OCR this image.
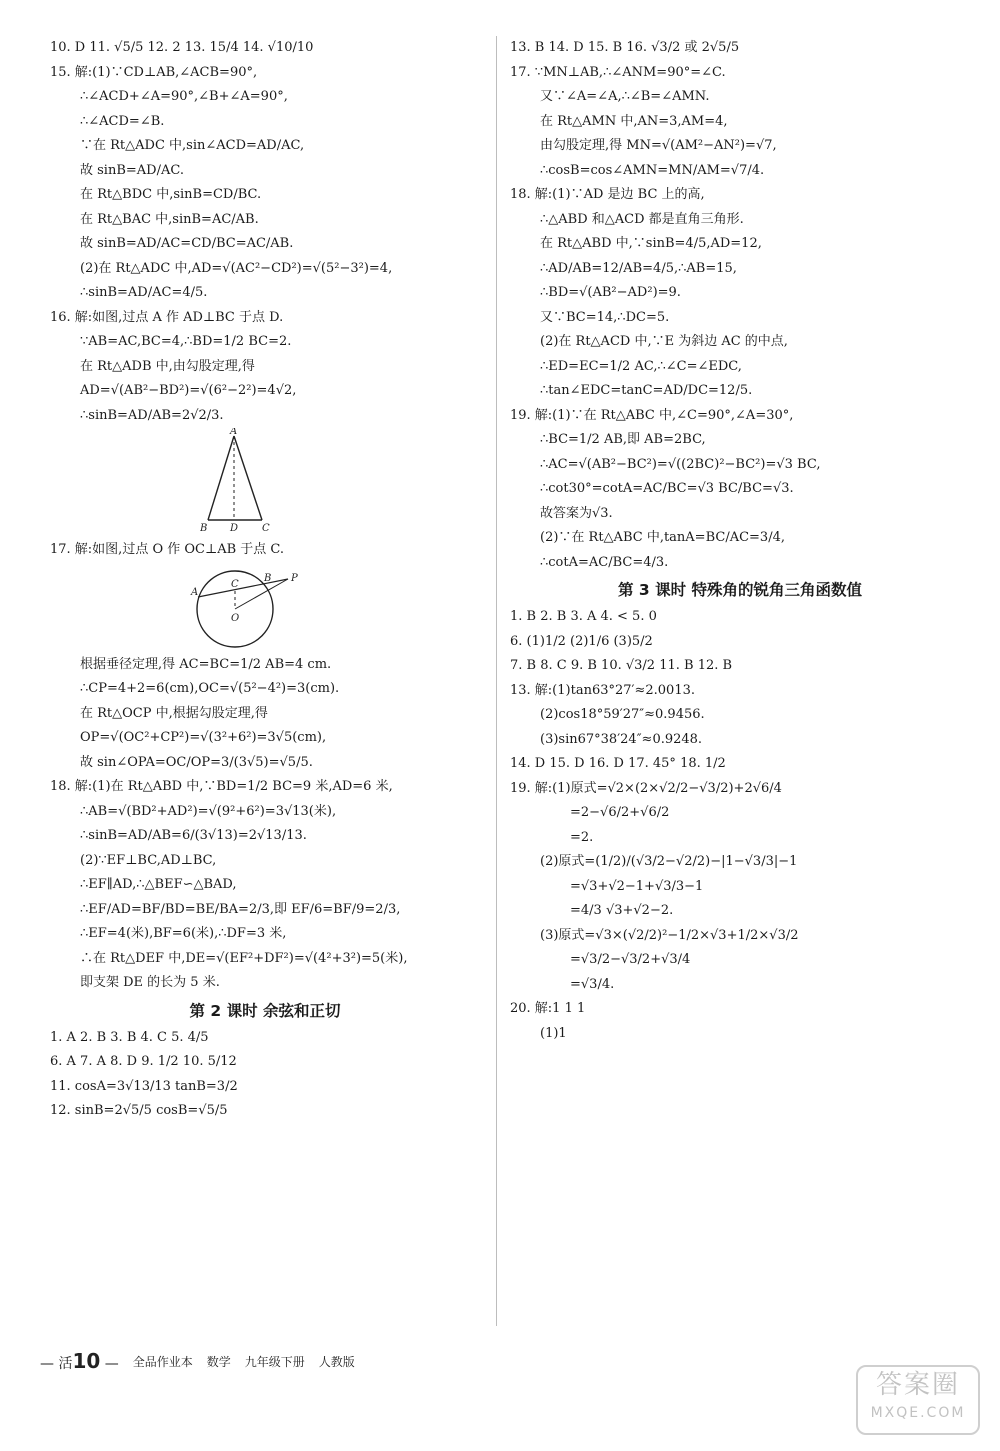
10. D 11. √5/5 12. 2 13. 15/4 14. √10/10
15. 解:(1)∵CD⊥AB,∠ACB=90°,
∴∠ACD+∠A=90°,∠B+∠A=90°,
∴∠ACD=∠B.
∵在 Rt△ADC 中,sin∠ACD=AD/AC,
故 sinB=AD/AC.
在 Rt△BDC 中,sinB=CD/BC.
在 Rt△BAC 中,sinB=AC/AB.
故 sinB=AD/AC=CD/BC=AC/AB.
(2)在 Rt△ADC 中,AD=√(AC²−CD²)=√(5²−3²)=4,
∴sinB=AD/AC=4/5.
16. 解:如图,过点 A 作 AD⊥BC 于点 D.
∵AB=AC,BC=4,∴BD=1/2 BC=2.
在 Rt△ADB 中,由勾股定理,得
AD=√(AB²−BD²)=√(6²−2²)=4√2,
∴sinB=AD/AB=2√2/3.
A
B D C
17. 解:如图,过点 O 作 OC⊥AB 于点 C.
A
C
B P
O
根据垂径定理,得 AC=BC=1/2 AB=4 cm.
∴CP=4+2=6(cm),OC=√(5²−4²)=3(cm).
在 Rt△OCP 中,根据勾股定理,得
OP=√(OC²+CP²)=√(3²+6²)=3√5(cm),
故 sin∠OPA=OC/OP=3/(3√5)=√5/5.
18. 解:(1)在 Rt△ABD 中,∵BD=1/2 BC=9 米,AD=6 米,
∴AB=√(BD²+AD²)=√(9²+6²)=3√13(米),
∴sinB=AD/AB=6/(3√13)=2√13/13.
(2)∵EF⊥BC,AD⊥BC,
∴EF∥AD,∴△BEF∽△BAD,
∴EF/AD=BF/BD=BE/BA=2/3,即 EF/6=BF/9=2/3,
∴EF=4(米),BF=6(米),∴DF=3 米,
∴在 Rt△DEF 中,DE=√(EF²+DF²)=√(4²+3²)=5(米),
即支架 DE 的长为 5 米.
第 2 课时 余弦和正切
1. A 2. B 3. B 4. C 5. 4/5
6. A 7. A 8. D 9. 1/2 10. 5/12
11. cosA=3√13/13 tanB=3/2
12. sinB=2√5/5 cosB=√5/5
13. B 14. D 15. B 16. √3/2 或 2√5/5
17. ∵MN⊥AB,∴∠ANM=90°=∠C.
又∵∠A=∠A,∴∠B=∠AMN.
在 Rt△AMN 中,AN=3,AM=4,
由勾股定理,得 MN=√(AM²−AN²)=√7,
∴cosB=cos∠AMN=MN/AM=√7/4.
18. 解:(1)∵AD 是边 BC 上的高,
∴△ABD 和△ACD 都是直角三角形.
在 Rt△ABD 中,∵sinB=4/5,AD=12,
∴AD/AB=12/AB=4/5,∴AB=15,
∴BD=√(AB²−AD²)=9.
又∵BC=14,∴DC=5.
(2)在 Rt△ACD 中,∵E 为斜边 AC 的中点,
∴ED=EC=1/2 AC,∴∠C=∠EDC,
∴tan∠EDC=tanC=AD/DC=12/5.
19. 解:(1)∵在 Rt△ABC 中,∠C=90°,∠A=30°,
∴BC=1/2 AB,即 AB=2BC,
∴AC=√(AB²−BC²)=√((2BC)²−BC²)=√3 BC,
∴cot30°=cotA=AC/BC=√3 BC/BC=√3.
故答案为√3.
(2)∵在 Rt△ABC 中,tanA=BC/AC=3/4,
∴cotA=AC/BC=4/3.
第 3 课时 特殊角的锐角三角函数值
1. B 2. B 3. A 4. < 5. 0
6. (1)1/2 (2)1/6 (3)5/2
7. B 8. C 9. B 10. √3/2 11. B 12. B
13. 解:(1)tan63°27′≈2.0013.
(2)cos18°59′27″≈0.9456.
(3)sin67°38′24″≈0.9248.
14. D 15. D 16. D 17. 45° 18. 1/2
19. 解:(1)原式=√2×(2×√2/2−√3/2)+2√6/4
=2−√6/2+√6/2
=2.
(2)原式=(1/2)/(√3/2−√2/2)−|1−√3/3|−1
=√3+√2−1+√3/3−1
=4/3 √3+√2−2.
(3)原式=√3×(√2/2)²−1/2×√3+1/2×√3/2
=√3/2−√3/2+√3/4
=√3/4.
20. 解:1 1 1
(1)1
— 活10 — 全品作业本 数学 九年级下册 人教版
答案圈
MXQE.COM
